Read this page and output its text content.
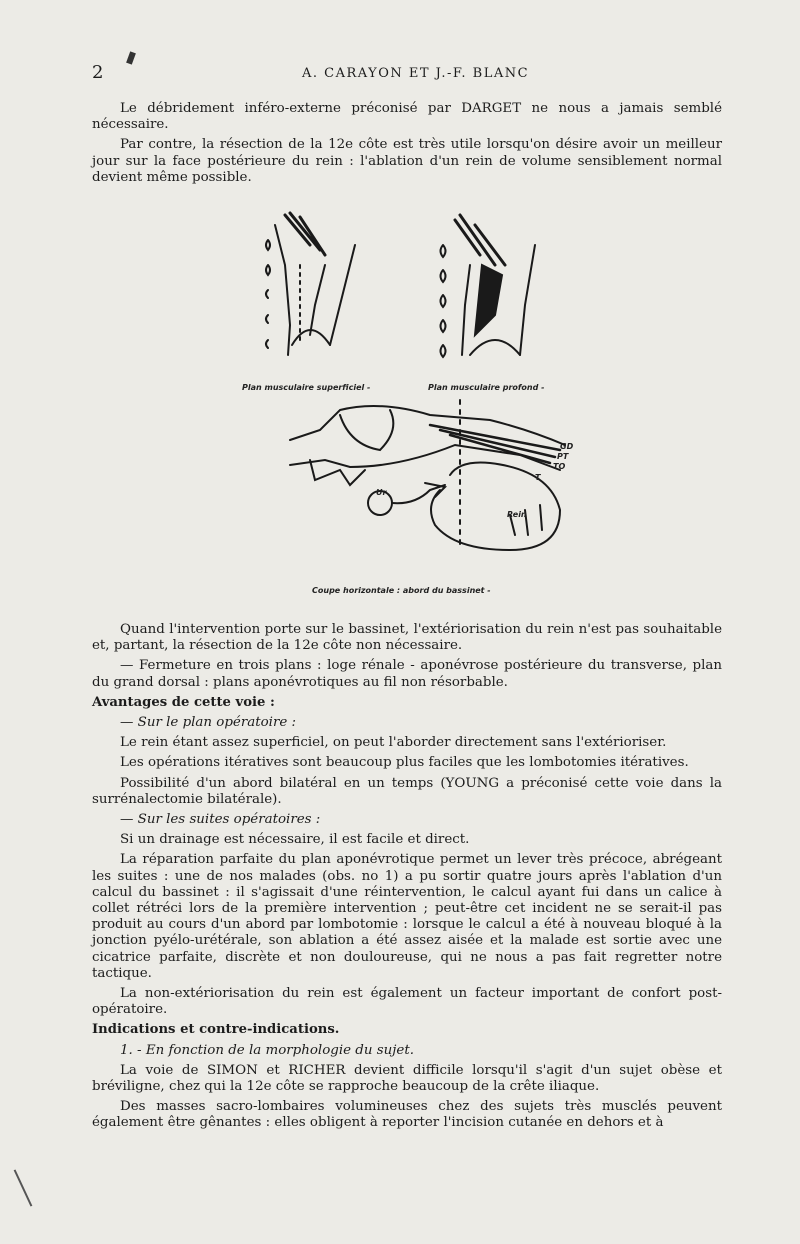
2	A. CARAYON ET J.-F. BLANC

Le débridement inféro-externe préconisé par DARGET ne nous a jamais semblé nécessaire.

Par contre, la résection de la 12e côte est très utile lorsqu'on désire avoir un meilleur jour sur la face postérieure du rein : l'ablation d'un rein de volume sensiblement normal devient même possible.

Plan musculaire superficiel -	Plan musculaire profond -
Coupe horizontale : abord du bassinet -
Rein
Ur
GD
PT
TO
T

Quand l'intervention porte sur le bassinet, l'extériorisation du rein n'est pas souhaitable et, partant, la résection de la 12e côte non nécessaire.

— Fermeture en trois plans : loge rénale - aponévrose postérieure du transverse, plan du grand dorsal : plans aponévrotiques au fil non résorbable.

Avantages de cette voie :

— Sur le plan opératoire :

Le rein étant assez superficiel, on peut l'aborder directement sans l'extérioriser.

Les opérations itératives sont beaucoup plus faciles que les lombotomies itératives.

Possibilité d'un abord bilatéral en un temps (YOUNG a préconisé cette voie dans la surrénalectomie bilatérale).

— Sur les suites opératoires :

Si un drainage est nécessaire, il est facile et direct.

La réparation parfaite du plan aponévrotique permet un lever très précoce, abrégeant les suites : une de nos malades (obs. no 1) a pu sortir quatre jours après l'ablation d'un calcul du bassinet : il s'agissait d'une réintervention, le calcul ayant fui dans un calice à collet rétréci lors de la première intervention ; peut-être cet incident ne se serait-il pas produit au cours d'un abord par lombotomie : lorsque le calcul a été à nouveau bloqué à la jonction pyélo-urétérale, son ablation a été assez aisée et la malade est sortie avec une cicatrice parfaite, discrète et non douloureuse, qui ne nous a pas fait regretter notre tactique.

La non-extériorisation du rein est également un facteur important de confort post-opératoire.

Indications et contre-indications.

1. - En fonction de la morphologie du sujet.

La voie de SIMON et RICHER devient difficile lorsqu'il s'agit d'un sujet obèse et bréviligne, chez qui la 12e côte se rapproche beaucoup de la crête iliaque.

Des masses sacro-lombaires volumineuses chez des sujets très musclés peuvent également être gênantes : elles obligent à reporter l'incision cutanée en dehors et à
